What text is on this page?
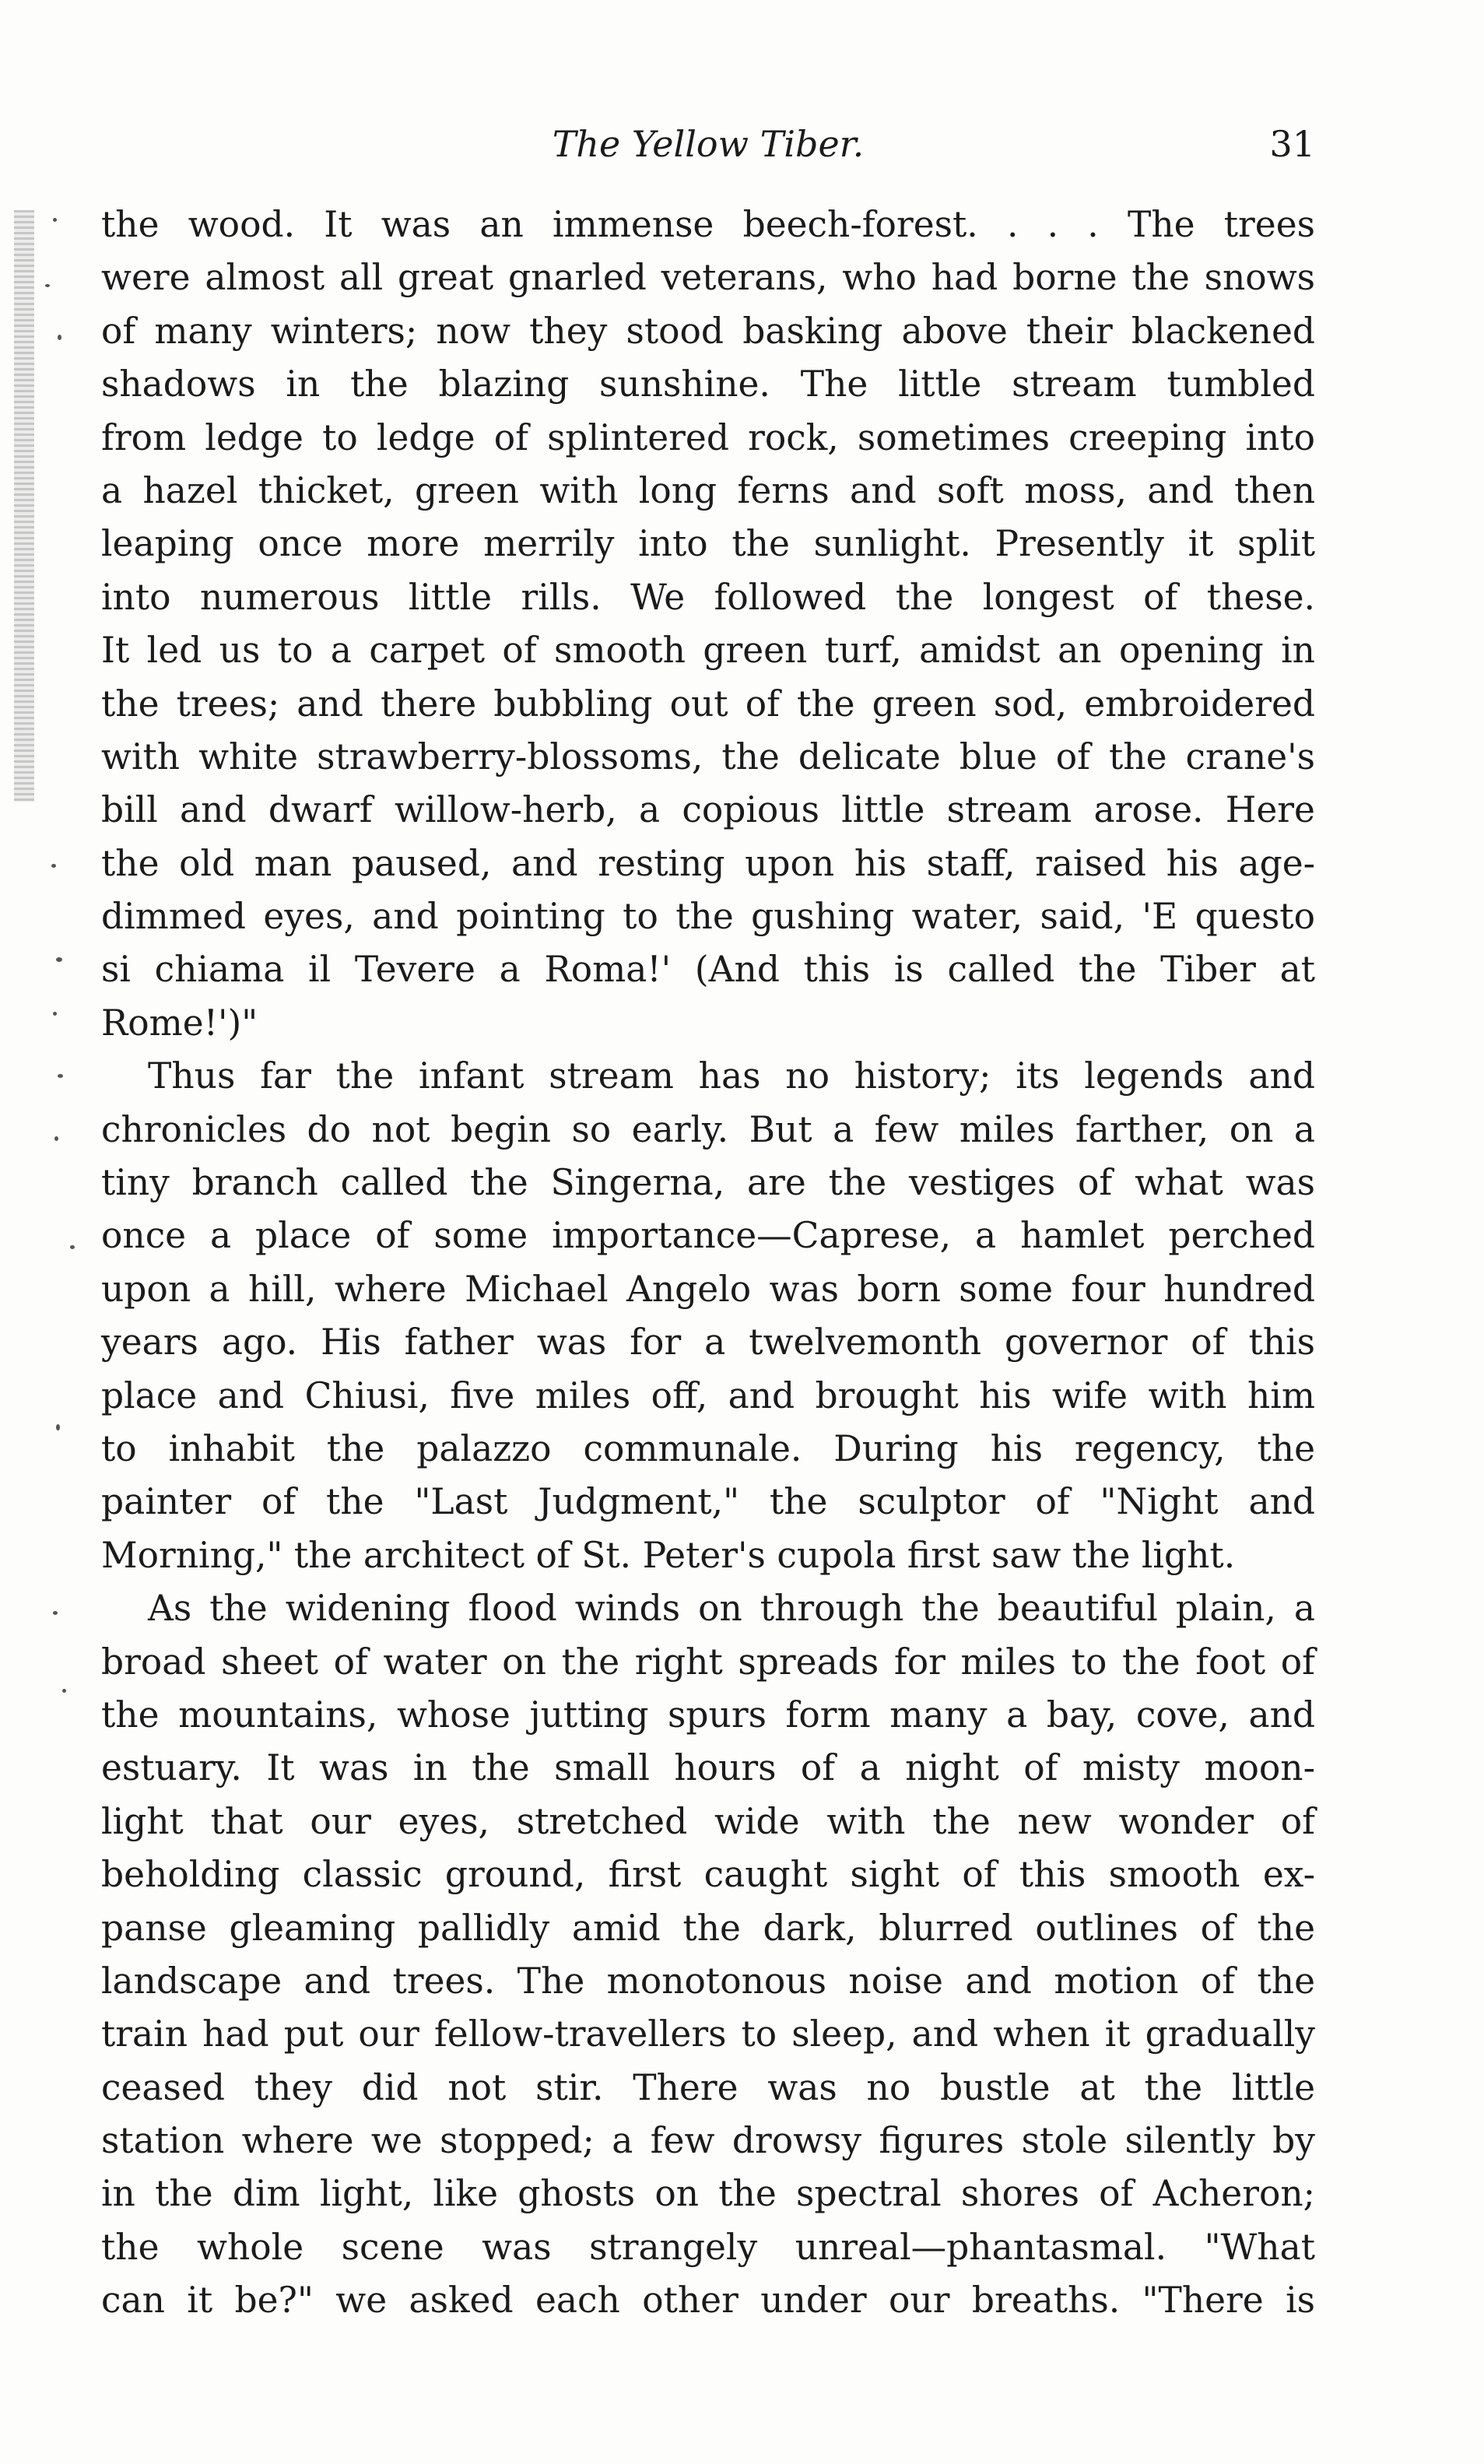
The Yellow Tiber.	31
the wood. It was an immense beech-forest. . . . The trees
were almost all great gnarled veterans, who had borne the snows
of many winters; now they stood basking above their blackened
shadows in the blazing sunshine. The little stream tumbled
from ledge to ledge of splintered rock, sometimes creeping into
a hazel thicket, green with long ferns and soft moss, and then
leaping once more merrily into the sunlight. Presently it split
into numerous little rills. We followed the longest of these.
It led us to a carpet of smooth green turf, amidst an opening in
the trees; and there bubbling out of the green sod, embroidered
with white strawberry-blossoms, the delicate blue of the crane's
bill and dwarf willow-herb, a copious little stream arose. Here
the old man paused, and resting upon his staff, raised his age-
dimmed eyes, and pointing to the gushing water, said, 'E questo
si chiama il Tevere a Roma!' (And this is called the Tiber at
Rome!')"
Thus far the infant stream has no history; its legends and
chronicles do not begin so early. But a few miles farther, on a
tiny branch called the Singerna, are the vestiges of what was
once a place of some importance—Caprese, a hamlet perched
upon a hill, where Michael Angelo was born some four hundred
years ago. His father was for a twelvemonth governor of this
place and Chiusi, five miles off, and brought his wife with him
to inhabit the palazzo communale. During his regency, the
painter of the "Last Judgment," the sculptor of "Night and
Morning," the architect of St. Peter's cupola first saw the light.
As the widening flood winds on through the beautiful plain, a
broad sheet of water on the right spreads for miles to the foot of
the mountains, whose jutting spurs form many a bay, cove, and
estuary. It was in the small hours of a night of misty moon-
light that our eyes, stretched wide with the new wonder of
beholding classic ground, first caught sight of this smooth ex-
panse gleaming pallidly amid the dark, blurred outlines of the
landscape and trees. The monotonous noise and motion of the
train had put our fellow-travellers to sleep, and when it gradually
ceased they did not stir. There was no bustle at the little
station where we stopped; a few drowsy figures stole silently by
in the dim light, like ghosts on the spectral shores of Acheron;
the whole scene was strangely unreal—phantasmal. "What
can it be?" we asked each other under our breaths. "There is
